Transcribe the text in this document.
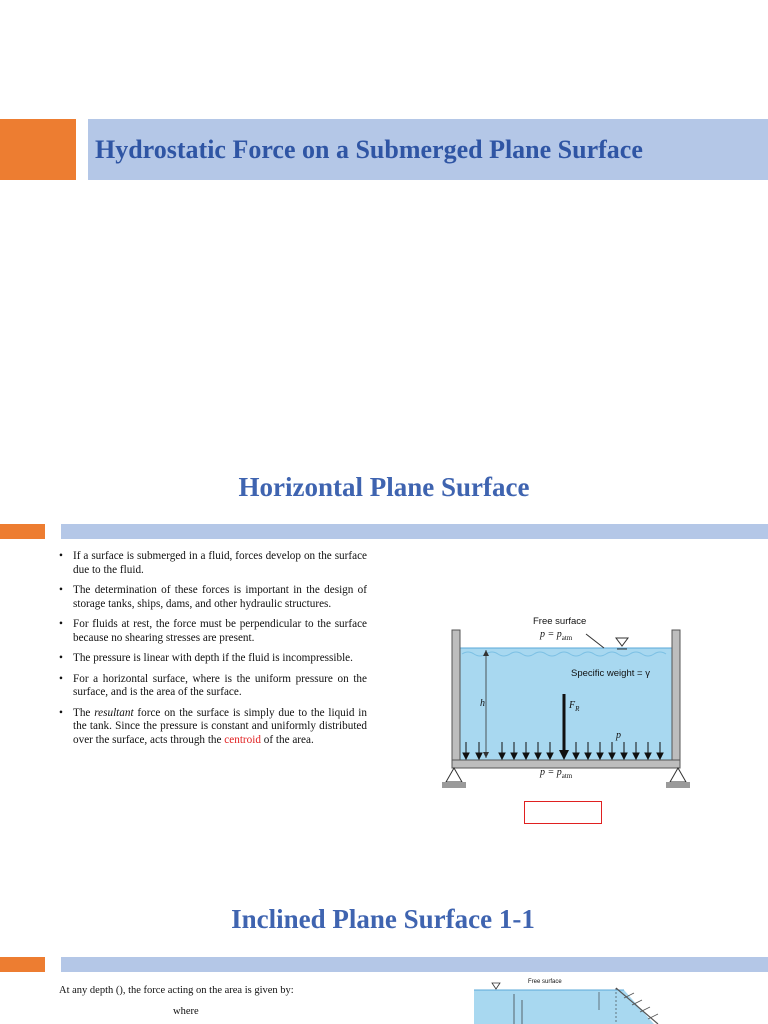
Hydrostatic Force on a Submerged Plane Surface
Horizontal Plane Surface
• If a surface is submerged in a fluid, forces develop on the surface due to the fluid.
• The determination of these forces is important in the design of storage tanks, ships, dams, and other hydraulic structures.
• For fluids at rest, the force must be perpendicular to the surface because no shearing stresses are present.
• The pressure is linear with depth if the fluid is incompressible.
• For a horizontal surface, where is the uniform pressure on the surface, and is the area of the surface.
• The resultant force on the surface is simply due to the liquid in the tank. Since the pressure is constant and uniformly distributed over the surface, acts through the centroid of the area.
Free surface
$p = p_{atm}$
Specific weight = γ
h	$F_R$
p
$p = p_{atm}$
Inclined Plane Surface 1-1
At any depth (), the force acting on the area is given by:
where
Free surface
